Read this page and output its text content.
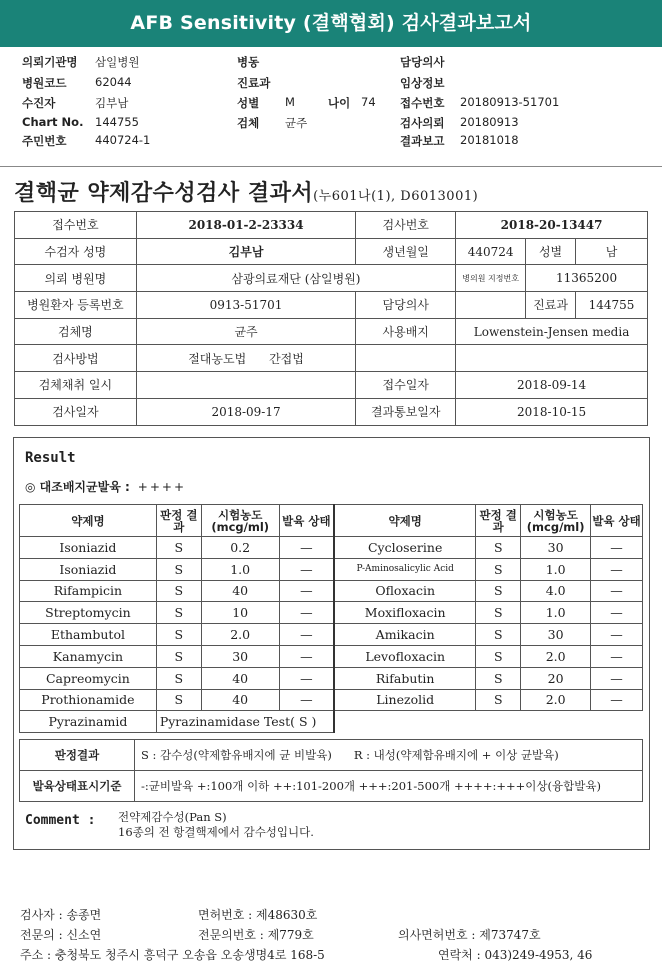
AFB Sensitivity (결핵협회) 검사결과보고서
의뢰기관명 삼일병원	병동	담당의사
병원코드 62044	진료과	임상정보
수진자	김부남	성별 M	나이 74 접수번호 20180913-51701
Chart No. 144755	검체 균주	검사의뢰 20180913
주민번호 440724-1	결과보고 20181018
결핵균 약제감수성검사 결과서(누601나(1), D6013001)
접수번호	2018-01-2-23334	검사번호	2018-20-13447		
수검자 성명	김부남	생년월일	440724	성별	남
의뢰 병원명	삼광의료재단 (삼일병원)		병의원 지정번호	11365200	
병원환자 등록번호	0913-51701	담당의사		진료과	144755
검체명	균주	사용배지	Lowenstein-Jensen media		
검사방법	절대농도법 간접법				
검체채취 일시		접수일자	2018-09-14		
검사일자	2018-09-17	결과통보일자	2018-10-15		
Result
◎ 대조배지균발육 : ++++
약제명	판정 결과	시험농도 (mcg/ml)	발육 상태	약제명	판정 결과	시험농도 (mcg/ml)	발육 상태
Isoniazid	S	0.2	—	Cycloserine	S	30	—
Isoniazid	S	1.0	—	P-Aminosalicylic Acid	S	1.0	—
Rifampicin	S	40	—	Ofloxacin	S	4.0	—
Streptomycin	S	10	—	Moxifloxacin	S	1.0	—
Ethambutol	S	2.0	—	Amikacin	S	30	—
Kanamycin	S	30	—	Levofloxacin	S	2.0	—
Capreomycin	S	40	—	Rifabutin	S	20	—
Prothionamide	S	40	—	Linezolid	S	2.0	—
Pyrazinamid	Pyrazinamidase Test( S )						
판정결과	S : 감수성(약제함유배지에 균 비발육) R : 내성(약제함유배지에 + 이상 균발육)
발육상태표시기준	-:균비발육 +:100개 이하 ++:101-200개 +++:201-500개 ++++:+++이상(융합발육)
Comment :	전약제감수성(Pan S)
16종의 전 항결핵제에서 감수성입니다.
검사자 : 송종면	면허번호 : 제48630호
전문의 : 신소연	전문의번호 : 제779호	의사면허번호 : 제73747호
주소 : 충청북도 청주시 흥덕구 오송읍 오송생명4로 168-5	연락처 : 043)249-4953, 46
